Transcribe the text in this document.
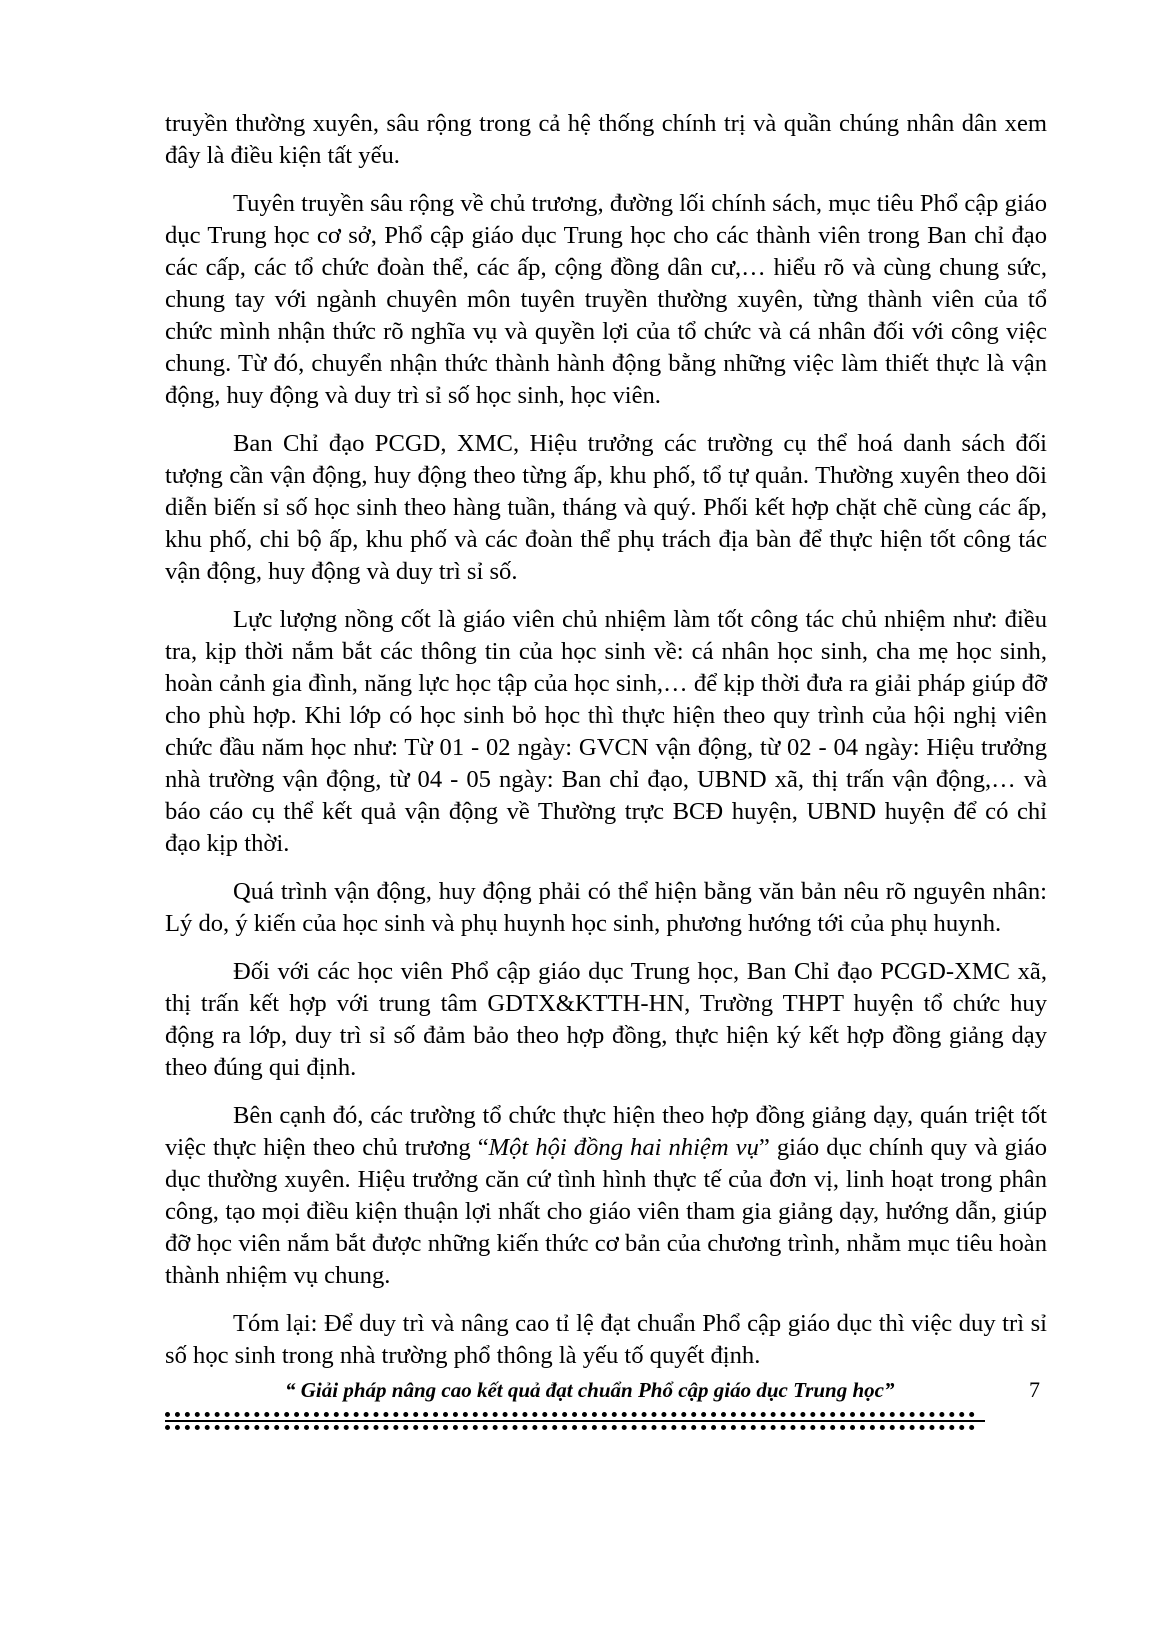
truyền thường xuyên, sâu rộng trong cả hệ thống chính trị và quần chúng nhân dân xem đây là điều kiện tất yếu.

Tuyên truyền sâu rộng về chủ trương, đường lối chính sách, mục tiêu Phổ cập giáo dục Trung học cơ sở, Phổ cập giáo dục Trung học cho các thành viên trong Ban chỉ đạo các cấp, các tổ chức đoàn thể, các ấp, cộng đồng dân cư,… hiểu rõ và cùng chung sức, chung tay với ngành chuyên môn tuyên truyền thường xuyên, từng thành viên của tổ chức mình nhận thức rõ nghĩa vụ và quyền lợi của tổ chức và cá nhân đối với công việc chung. Từ đó, chuyển nhận thức thành hành động bằng những việc làm thiết thực là vận động, huy động và duy trì sỉ số học sinh, học viên.

Ban Chỉ đạo PCGD, XMC, Hiệu trưởng các trường cụ thể hoá danh sách đối tượng cần vận động, huy động theo từng ấp, khu phố, tổ tự quản. Thường xuyên theo dõi diễn biến sỉ số học sinh theo hàng tuần, tháng và quý. Phối kết hợp chặt chẽ cùng các ấp, khu phố, chi bộ ấp, khu phố và các đoàn thể phụ trách địa bàn để thực hiện tốt công tác vận động, huy động và duy trì sỉ số.

Lực lượng nồng cốt là giáo viên chủ nhiệm làm tốt công tác chủ nhiệm như: điều tra, kịp thời nắm bắt các thông tin của học sinh về: cá nhân học sinh, cha mẹ học sinh, hoàn cảnh gia đình, năng lực học tập của học sinh,… để kịp thời đưa ra giải pháp giúp đỡ cho phù hợp. Khi lớp có học sinh bỏ học thì thực hiện theo quy trình của hội nghị viên chức đầu năm học như: Từ 01 - 02 ngày: GVCN vận động, từ 02 - 04 ngày: Hiệu trưởng nhà trường vận động, từ 04 - 05 ngày: Ban chỉ đạo, UBND xã, thị trấn vận động,… và báo cáo cụ thể kết quả vận động về Thường trực BCĐ huyện, UBND huyện để có chỉ đạo kịp thời.

Quá trình vận động, huy động phải có thể hiện bằng văn bản nêu rõ nguyên nhân: Lý do, ý kiến của học sinh và phụ huynh học sinh, phương hướng tới của phụ huynh.

Đối với các học viên Phổ cập giáo dục Trung học, Ban Chỉ đạo PCGD-XMC xã, thị trấn kết hợp với trung tâm GDTX&KTTH-HN, Trường THPT huyện tổ chức huy động ra lớp, duy trì sỉ số đảm bảo theo hợp đồng, thực hiện ký kết hợp đồng giảng dạy theo đúng qui định.

Bên cạnh đó, các trường tổ chức thực hiện theo hợp đồng giảng dạy, quán triệt tốt việc thực hiện theo chủ trương “Một hội đồng hai nhiệm vụ” giáo dục chính quy và giáo dục thường xuyên. Hiệu trưởng căn cứ tình hình thực tế của đơn vị, linh hoạt trong phân công, tạo mọi điều kiện thuận lợi nhất cho giáo viên tham gia giảng dạy, hướng dẫn, giúp đỡ học viên nắm bắt được những kiến thức cơ bản của chương trình, nhằm mục tiêu hoàn thành nhiệm vụ chung.

Tóm lại: Để duy trì và nâng cao tỉ lệ đạt chuẩn Phổ cập giáo dục thì việc duy trì sỉ số học sinh trong nhà trường phổ thông là yếu tố quyết định.

“ Giải pháp nâng cao kết quả đạt chuẩn Phổ cập giáo dục Trung học”	7
